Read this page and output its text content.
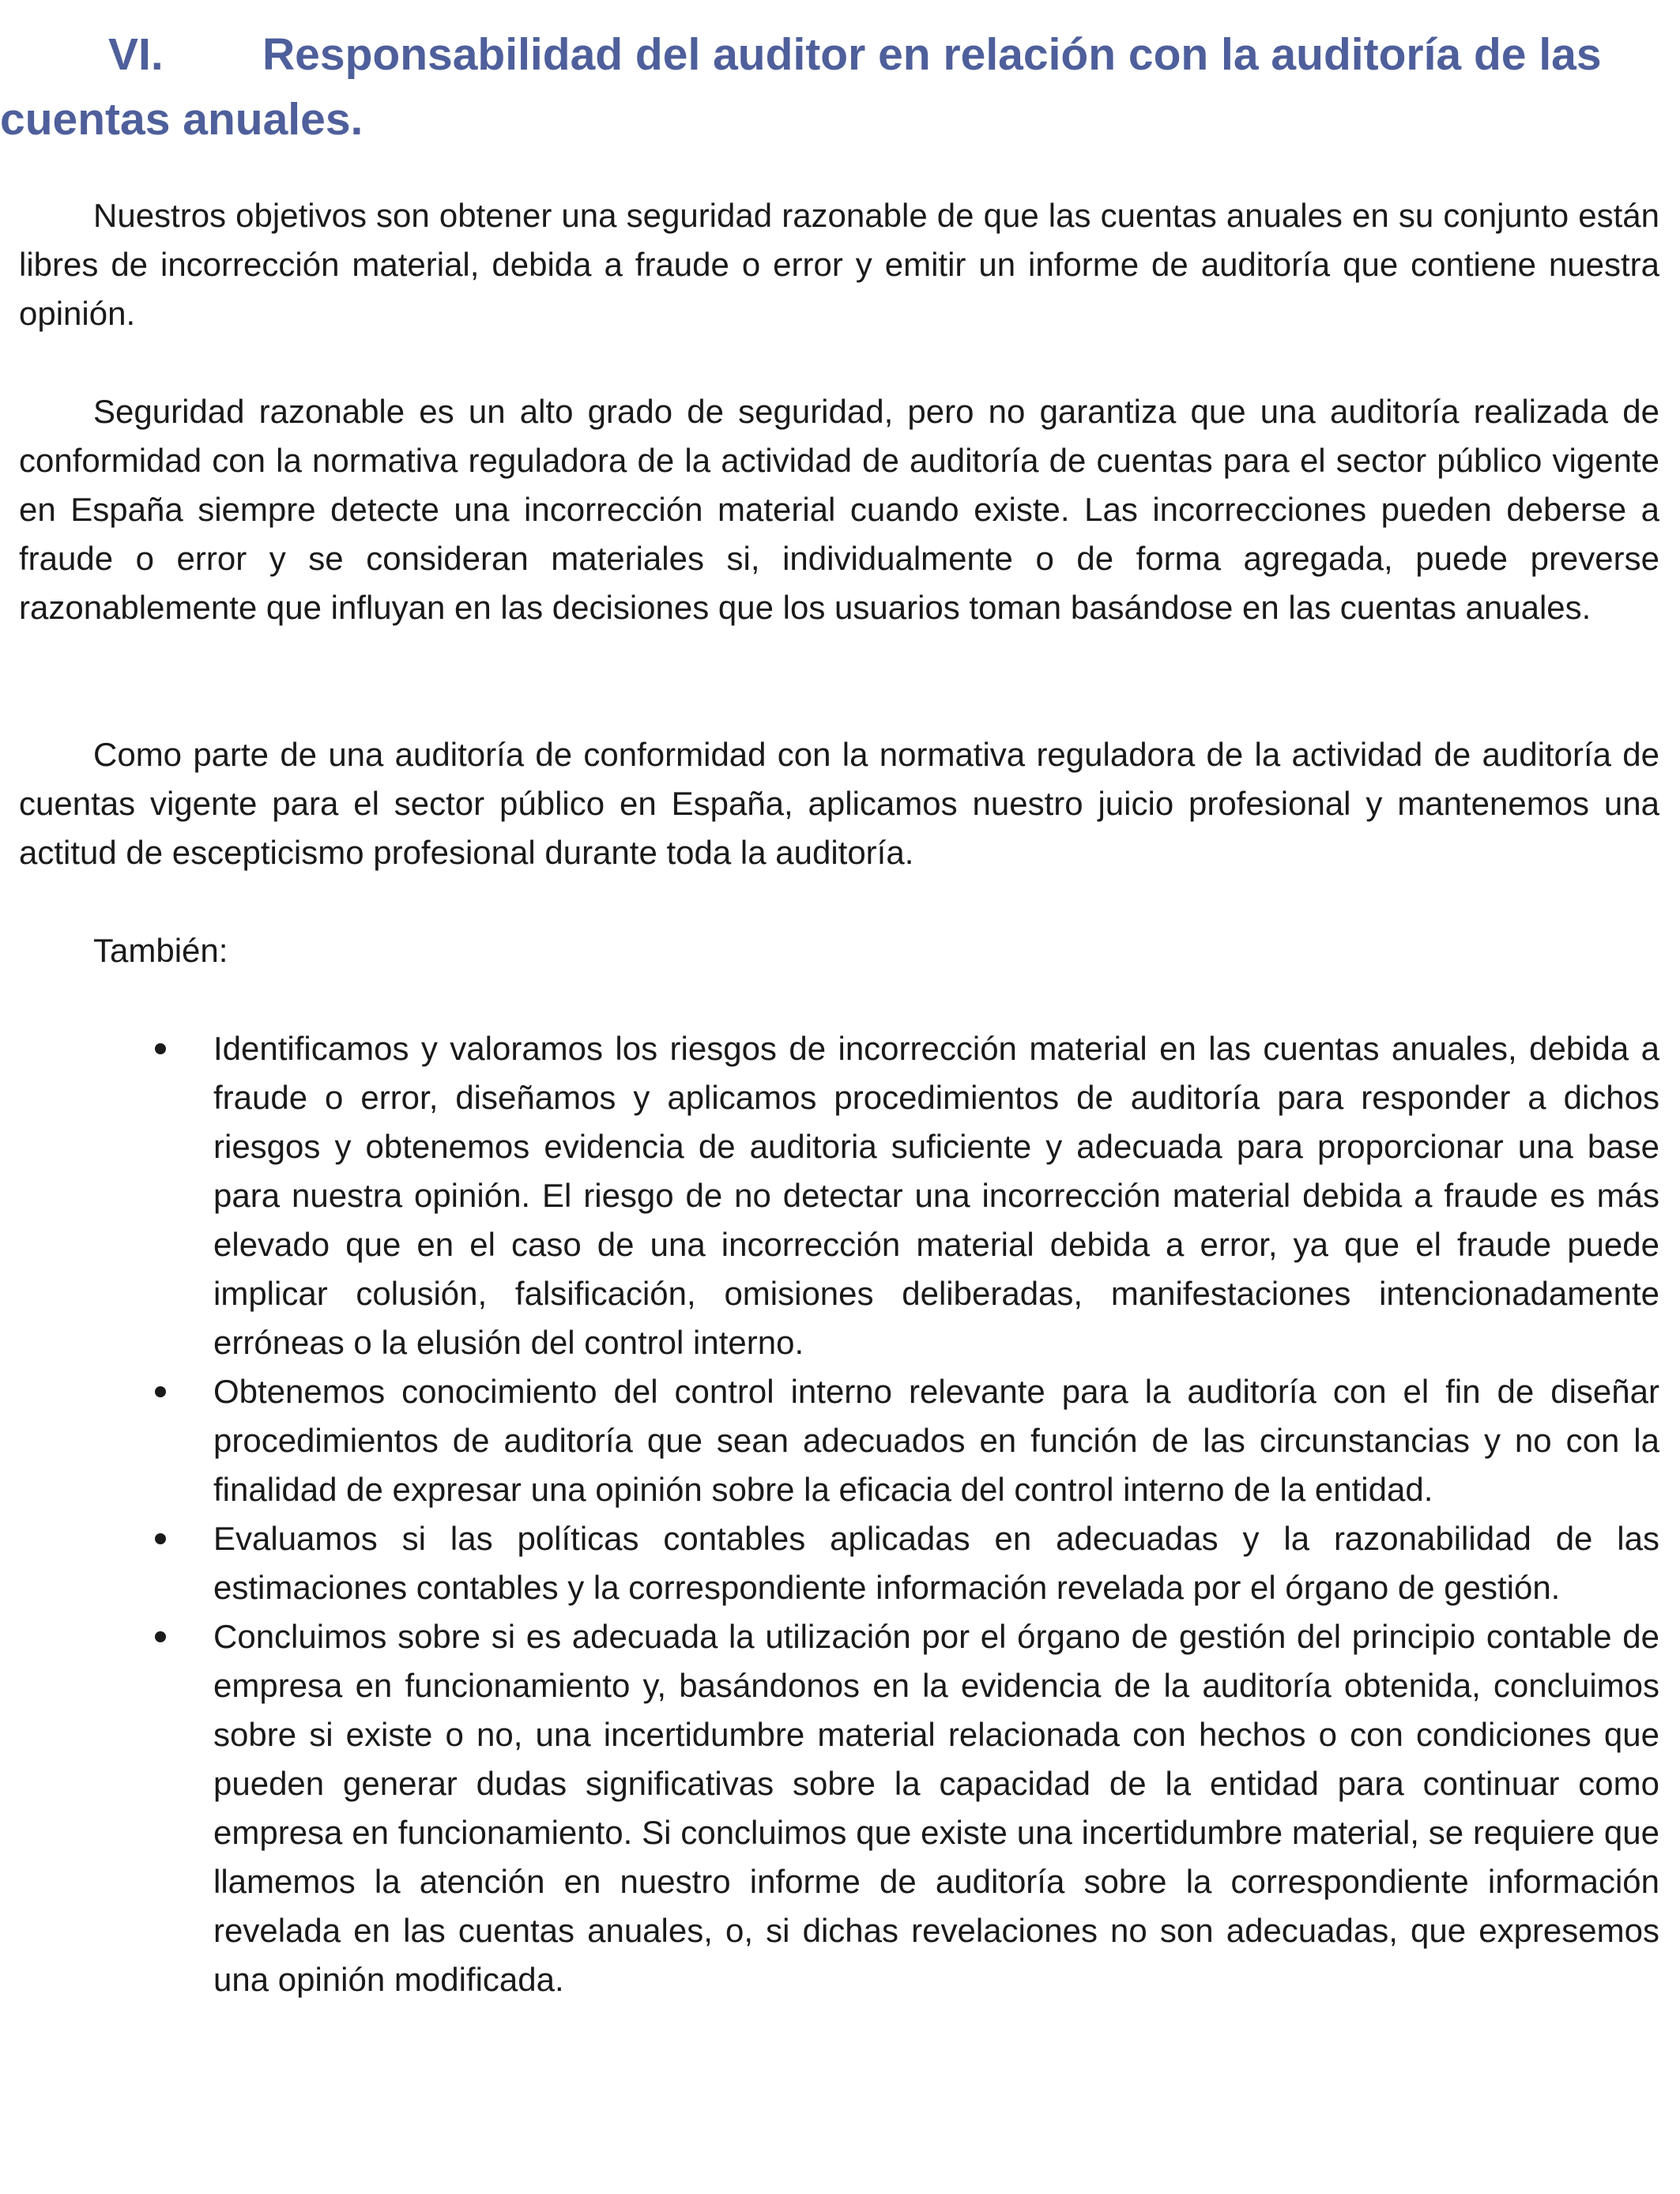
VI. Responsabilidad del auditor en relación con la auditoría de las cuentas anuales.

Nuestros objetivos son obtener una seguridad razonable de que las cuentas anuales en su conjunto están libres de incorrección material, debida a fraude o error y emitir un informe de auditoría que contiene nuestra opinión.

Seguridad razonable es un alto grado de seguridad, pero no garantiza que una auditoría realizada de conformidad con la normativa reguladora de la actividad de auditoría de cuentas para el sector público vigente en España siempre detecte una incorrección material cuando existe. Las incorrecciones pueden deberse a fraude o error y se consideran materiales si, individualmente o de forma agregada, puede preverse razonablemente que influyan en las decisiones que los usuarios toman basándose en las cuentas anuales.

Como parte de una auditoría de conformidad con la normativa reguladora de la actividad de auditoría de cuentas vigente para el sector público en España, aplicamos nuestro juicio profesional y mantenemos una actitud de escepticismo profesional durante toda la auditoría.

También:

Identificamos y valoramos los riesgos de incorrección material en las cuentas anuales, debida a fraude o error, diseñamos y aplicamos procedimientos de auditoría para responder a dichos riesgos y obtenemos evidencia de auditoria suficiente y adecuada para proporcionar una base para nuestra opinión. El riesgo de no detectar una incorrección material debida a fraude es más elevado que en el caso de una incorrección material debida a error, ya que el fraude puede implicar colusión, falsificación, omisiones deliberadas, manifestaciones intencionadamente erróneas o la elusión del control interno.
Obtenemos conocimiento del control interno relevante para la auditoría con el fin de diseñar procedimientos de auditoría que sean adecuados en función de las circunstancias y no con la finalidad de expresar una opinión sobre la eficacia del control interno de la entidad.
Evaluamos si las políticas contables aplicadas en adecuadas y la razonabilidad de las estimaciones contables y la correspondiente información revelada por el órgano de gestión.
Concluimos sobre si es adecuada la utilización por el órgano de gestión del principio contable de empresa en funcionamiento y, basándonos en la evidencia de la auditoría obtenida, concluimos sobre si existe o no, una incertidumbre material relacionada con hechos o con condiciones que pueden generar dudas significativas sobre la capacidad de la entidad para continuar como empresa en funcionamiento. Si concluimos que existe una incertidumbre material, se requiere que llamemos la atención en nuestro informe de auditoría sobre la correspondiente información revelada en las cuentas anuales, o, si dichas revelaciones no son adecuadas, que expresemos una opinión modificada.
